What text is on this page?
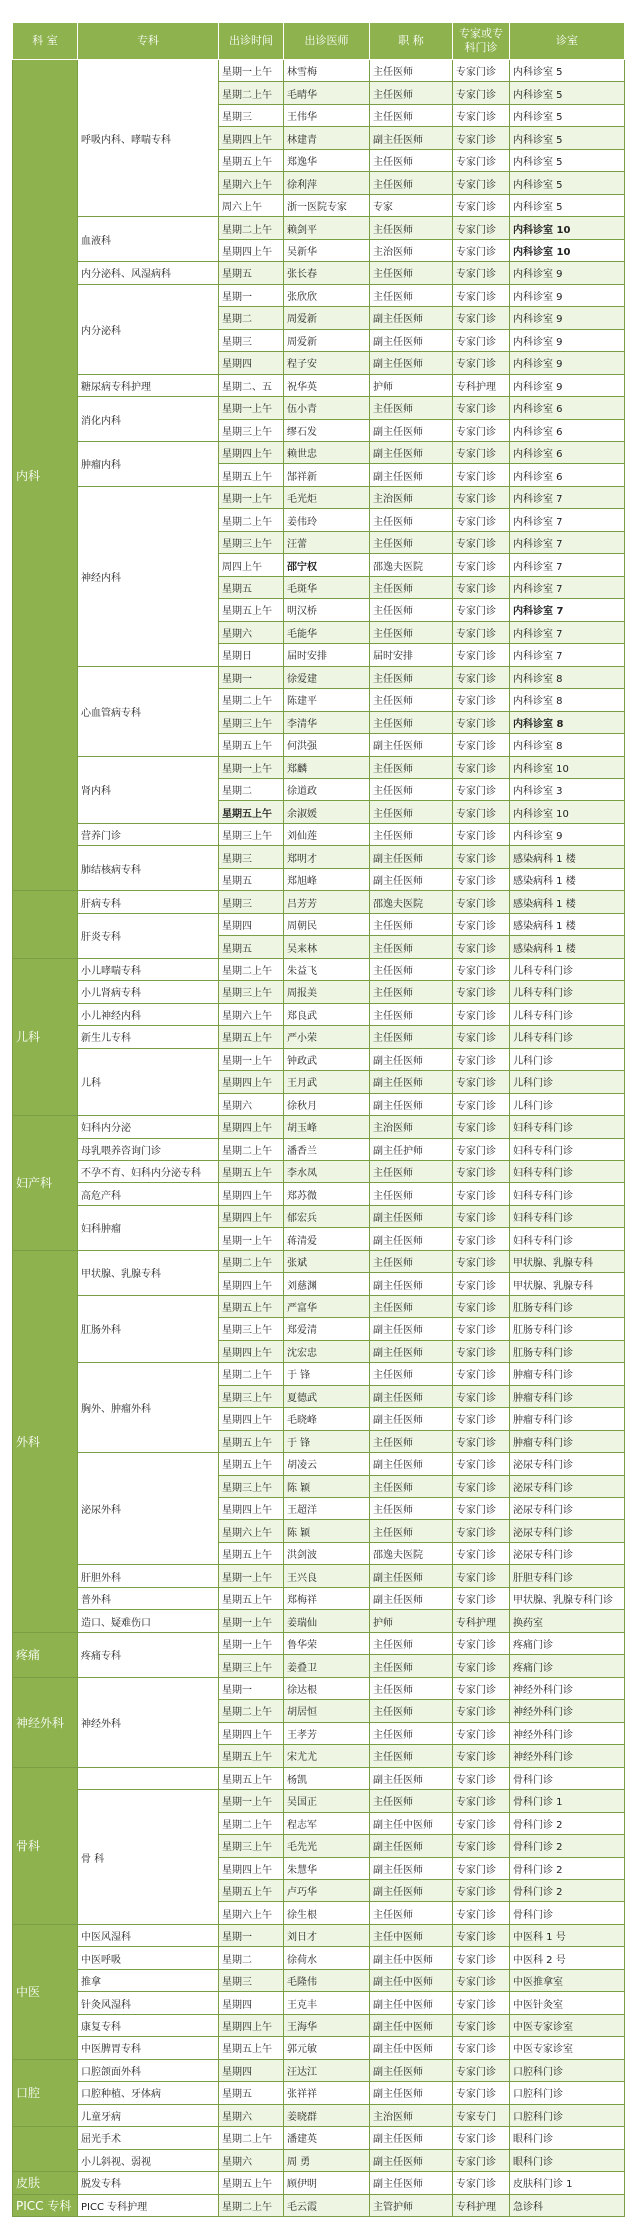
科 室	专科	出诊时间	出诊医师	职 称	专家或专科门诊	诊室
内科	呼吸内科、哮喘专科	星期一上午	林雪梅	主任医师	专家门诊	内科诊室 5
		星期二上午	毛晴华	主任医师	专家门诊	内科诊室 5
		星期三	王伟华	主任医师	专家门诊	内科诊室 5
		星期四上午	林建青	副主任医师	专家门诊	内科诊室 5
		星期五上午	郑逸华	主任医师	专家门诊	内科诊室 5
		星期六上午	徐利萍	主任医师	专家门诊	内科诊室 5
		周六上午	浙一医院专家	专家	专家门诊	内科诊室 5
	血液科	星期二上午	赖剑平	主任医师	专家门诊	内科诊室 10
		星期四上午	吴新华	主治医师	专家门诊	内科诊室 10
	内分泌科、风湿病科	星期五	张长春	主任医师	专家门诊	内科诊室 9
	内分泌科	星期一	张欣欣	主任医师	专家门诊	内科诊室 9
		星期二	周爱新	副主任医师	专家门诊	内科诊室 9
		星期三	周爱新	副主任医师	专家门诊	内科诊室 9
		星期四	程子安	副主任医师	专家门诊	内科诊室 9
	糖尿病专科护理	星期二、五	祝华英	护师	专科护理	内科诊室 9
	消化内科	星期一上午	伍小青	主任医师	专家门诊	内科诊室 6
		星期三上午	缪石发	副主任医师	专家门诊	内科诊室 6
	肿瘤内科	星期四上午	赖世忠	副主任医师	专家门诊	内科诊室 6
		星期五上午	郜祥新	副主任医师	专家门诊	内科诊室 6
	神经内科	星期一上午	毛光炬	主治医师	专家门诊	内科诊室 7
		星期二上午	姜伟玲	主任医师	专家门诊	内科诊室 7
		星期三上午	汪蕾	主任医师	专家门诊	内科诊室 7
		周四上午	邵宁权	邵逸夫医院	专家门诊	内科诊室 7
		星期五	毛斑华	主任医师	专家门诊	内科诊室 7
		星期五上午	明汉桥	主任医师	专家门诊	内科诊室 7
		星期六	毛能华	主任医师	专家门诊	内科诊室 7
		星期日	届时安排	届时安排	专家门诊	内科诊室 7
	心血管病专科	星期一	徐爱建	主任医师	专家门诊	内科诊室 8
		星期二上午	陈建平	主任医师	专家门诊	内科诊室 8
		星期三上午	李清华	主任医师	专家门诊	内科诊室 8
		星期五上午	何洪强	副主任医师	专家门诊	内科诊室 8
	肾内科	星期一上午	郑麟	主任医师	专家门诊	内科诊室 10
		星期二	徐道政	主任医师	专家门诊	内科诊室 3
		星期五上午	余淑媛	主任医师	专家门诊	内科诊室 10
	营养门诊	星期三上午	刘仙莲	主任医师	专家门诊	内科诊室 9
	肺结核病专科	星期三	郑明才	副主任医师	专家门诊	感染病科 1 楼
		星期五	郑旭峰	副主任医师	专家门诊	感染病科 1 楼
	肝病专科	星期三	吕芳芳	邵逸夫医院	专家门诊	感染病科 1 楼
	肝炎专科	星期四	周朝民	主任医师	专家门诊	感染病科 1 楼
		星期五	吴来林	主任医师	专家门诊	感染病科 1 楼
儿科	小儿哮喘专科	星期二上午	朱益飞	主任医师	专家门诊	儿科专科门诊
	小儿肾病专科	星期三上午	周报美	主任医师	专家门诊	儿科专科门诊
	小儿神经内科	星期六上午	郑良武	主任医师	专家门诊	儿科专科门诊
	新生儿专科	星期五上午	严小荣	主任医师	专家门诊	儿科专科门诊
	儿科	星期一上午	钟政武	副主任医师	专家门诊	儿科门诊
		星期四上午	王月武	副主任医师	专家门诊	儿科门诊
		星期六	徐秋月	副主任医师	专家门诊	儿科门诊
妇产科	妇科内分泌	星期四上午	胡玉峰	主治医师	专家门诊	妇科专科门诊
	母乳喂养咨询门诊	星期二上午	潘香兰	副主任护师	专家门诊	妇科专科门诊
	不孕不育、妇科内分泌专科	星期五上午	李水凤	主任医师	专家门诊	妇科专科门诊
	高危产科	星期四上午	郑苏微	主任医师	专家门诊	妇科专科门诊
	妇科肿瘤	星期四上午	郁宏兵	副主任医师	专家门诊	妇科专科门诊
		星期一上午	蒋清爱	副主任医师	专家门诊	妇科专科门诊
外科	甲状腺、乳腺专科	星期二上午	张斌	主任医师	专家门诊	甲状腺、乳腺专科
		星期四上午	刘慈渊	副主任医师	专家门诊	甲状腺、乳腺专科
	肛肠外科	星期五上午	严富华	主任医师	专家门诊	肛肠专科门诊
		星期三上午	郑爱清	副主任医师	专家门诊	肛肠专科门诊
		星期四上午	沈宏忠	副主任医师	专家门诊	肛肠专科门诊
	胸外、肿瘤外科	星期二上午	于 锋	主任医师	专家门诊	肿瘤专科门诊
		星期三上午	夏德武	副主任医师	专家门诊	肿瘤专科门诊
		星期四上午	毛晓峰	副主任医师	专家门诊	肿瘤专科门诊
		星期五上午	于 锋	主任医师	专家门诊	肿瘤专科门诊
	泌尿外科	星期五上午	胡凌云	副主任医师	专家门诊	泌尿专科门诊
		星期三上午	陈 颖	主任医师	专家门诊	泌尿专科门诊
		星期四上午	王超洋	主任医师	专家门诊	泌尿专科门诊
		星期六上午	陈 颖	主任医师	专家门诊	泌尿专科门诊
		星期五上午	洪剑波	邵逸夫医院	专家门诊	泌尿专科门诊
	肝胆外科	星期一上午	王兴良	副主任医师	专家门诊	肝胆专科门诊
	普外科	星期五上午	郑梅祥	副主任医师	专家门诊	甲状腺、乳腺专科门诊
	造口、疑难伤口	星期一上午	姜瑞仙	护师	专科护理	换药室
疼痛	疼痛专科	星期一上午	鲁华荣	主任医师	专家门诊	疼痛门诊
		星期三上午	姜叠卫	主任医师	专家门诊	疼痛门诊
神经外科	神经外科	星期一	徐达根	主任医师	专家门诊	神经外科门诊
		星期二上午	胡居恒	主任医师	专家门诊	神经外科门诊
		星期四上午	王孝芳	主任医师	专家门诊	神经外科门诊
		星期五上午	宋尤尤	主任医师	专家门诊	神经外科门诊
骨科		星期五上午	杨凯	副主任医师	专家门诊	骨科门诊
	骨 科	星期一上午	吴国正	主任医师	专家门诊	骨科门诊 1
		星期二上午	程志军	副主任中医师	专家门诊	骨科门诊 2
		星期三上午	毛先光	副主任医师	专家门诊	骨科门诊 2
		星期四上午	朱慧华	副主任医师	专家门诊	骨科门诊 2
		星期五上午	卢巧华	副主任医师	专家门诊	骨科门诊 2
		星期六上午	徐生根	主任医师	专家门诊	骨科门诊
中医	中医风湿科	星期一	刘日才	主任中医师	专家门诊	中医科 1 号
	中医呼吸	星期二	徐荷水	副主任中医师	专家门诊	中医科 2 号
	推拿	星期三	毛隆伟	副主任中医师	专家门诊	中医推拿室
	针灸风湿科	星期四	王克丰	副主任中医师	专家门诊	中医针灸室
	康复专科	星期四上午	王海华	副主任中医师	专家门诊	中医专家诊室
	中医脾胃专科	星期五上午	郭元敏	副主任中医师	专家门诊	中医专家诊室
口腔	口腔颌面外科	星期四	汪达江	副主任医师	专家门诊	口腔科门诊
	口腔种植、牙体病	星期五	张祥祥	副主任医师	专家门诊	口腔科门诊
	儿童牙病	星期六	姜晓群	主治医师	专家专门	口腔科门诊
	屈光手术	星期二上午	潘建英	副主任医师	专家门诊	眼科门诊
	小儿斜视、弱视	星期六	周 勇	副主任医师	专家门诊	眼科门诊
皮肤	脱发专科	星期五上午	顾伊明	副主任医师	专家门诊	皮肤科门诊 1
PICC 专科	PICC 专科护理	星期二上午	毛云霞	主管护师	专科护理	急诊科
